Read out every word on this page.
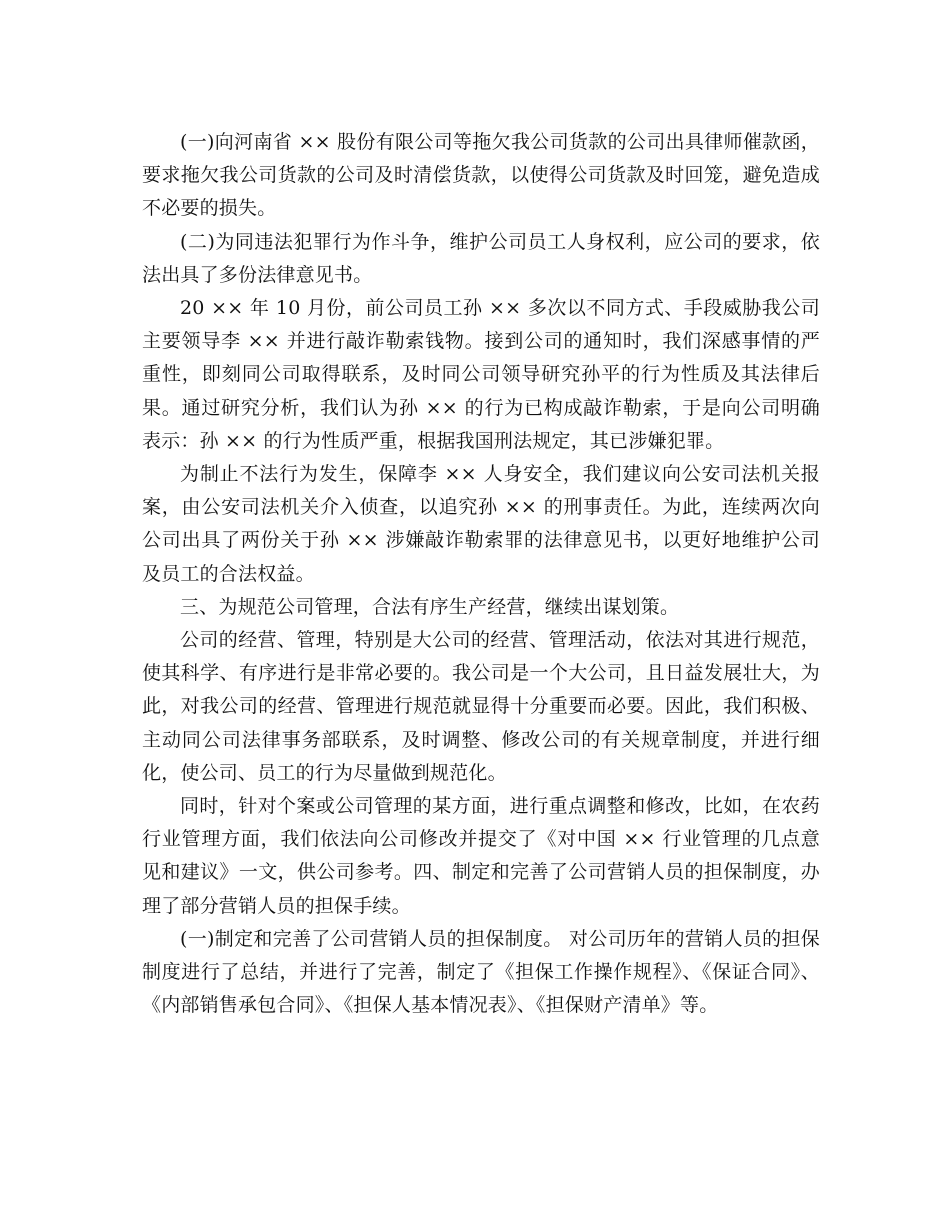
(一)向河南省 ×× 股份有限公司等拖欠我公司货款的公司出具律师催款函，要求拖欠我公司货款的公司及时清偿货款，以使得公司货款及时回笼，避免造成不必要的损失。

(二)为同违法犯罪行为作斗争，维护公司员工人身权利，应公司的要求，依法出具了多份法律意见书。

20 ×× 年 10 月份，前公司员工孙 ×× 多次以不同方式、手段威胁我公司主要领导李 ×× 并进行敲诈勒索钱物。接到公司的通知时，我们深感事情的严重性，即刻同公司取得联系，及时同公司领导研究孙平的行为性质及其法律后果。通过研究分析，我们认为孙 ×× 的行为已构成敲诈勒索，于是向公司明确表示：孙 ×× 的行为性质严重，根据我国刑法规定，其已涉嫌犯罪。

为制止不法行为发生，保障李 ×× 人身安全，我们建议向公安司法机关报案，由公安司法机关介入侦查，以追究孙 ×× 的刑事责任。为此，连续两次向公司出具了两份关于孙 ×× 涉嫌敲诈勒索罪的法律意见书，以更好地维护公司及员工的合法权益。

三、为规范公司管理，合法有序生产经营，继续出谋划策。

公司的经营、管理，特别是大公司的经营、管理活动，依法对其进行规范，使其科学、有序进行是非常必要的。我公司是一个大公司，且日益发展壮大，为此，对我公司的经营、管理进行规范就显得十分重要而必要。因此，我们积极、主动同公司法律事务部联系，及时调整、修改公司的有关规章制度，并进行细化，使公司、员工的行为尽量做到规范化。

同时，针对个案或公司管理的某方面，进行重点调整和修改，比如，在农药行业管理方面，我们依法向公司修改并提交了《对中国 ×× 行业管理的几点意见和建议》一文，供公司参考。四、制定和完善了公司营销人员的担保制度，办理了部分营销人员的担保手续。

(一)制定和完善了公司营销人员的担保制度。 对公司历年的营销人员的担保制度进行了总结，并进行了完善，制定了《担保工作操作规程》、《保证合同》、《内部销售承包合同》、《担保人基本情况表》、《担保财产清单》等。
